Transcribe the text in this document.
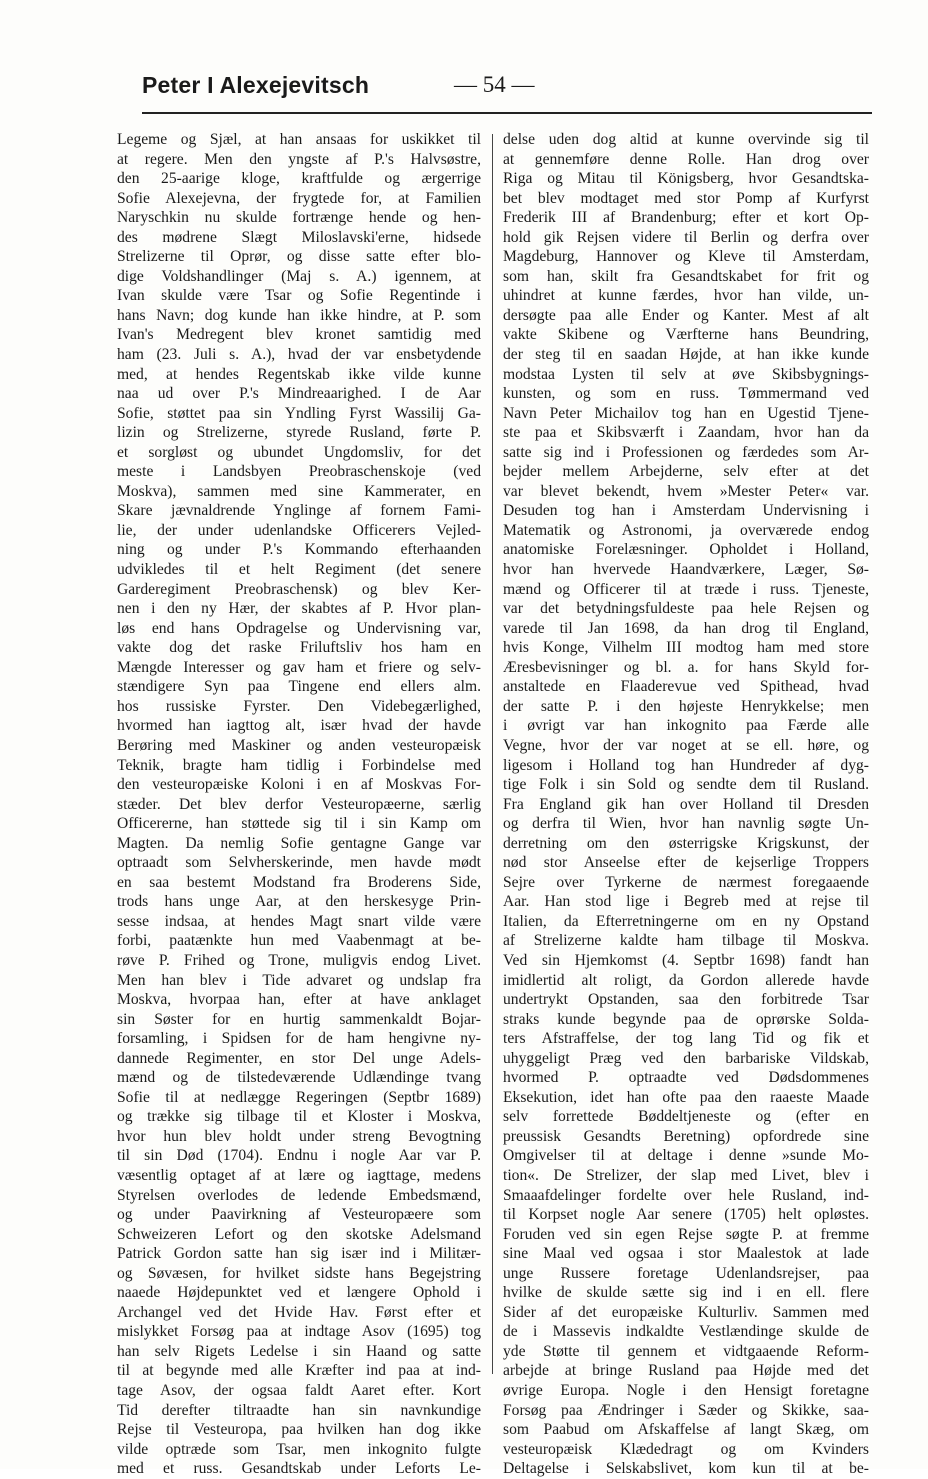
Peter I Alexejevitsch	— 54 —
Legeme og Sjæl, at han ansaas for uskikket til
at regere. Men den yngste af P.'s Halvsøstre,
den 25-aarige kloge, kraftfulde og ærgerrige
Sofie Alexejevna, der frygtede for, at Familien
Naryschkin nu skulde fortrænge hende og hen-
des mødrene Slægt Miloslavski'erne, hidsede
Strelizerne til Oprør, og disse satte efter blo-
dige Voldshandlinger (Maj s. A.) igennem, at
Ivan skulde være Tsar og Sofie Regentinde i
hans Navn; dog kunde han ikke hindre, at P. som
Ivan's Medregent blev kronet samtidig med
ham (23. Juli s. A.), hvad der var ensbetydende
med, at hendes Regentskab ikke vilde kunne
naa ud over P.'s Mindreaarighed. I de Aar
Sofie, støttet paa sin Yndling Fyrst Wassilij Ga-
lizin og Strelizerne, styrede Rusland, førte P.
et sorgløst og ubundet Ungdomsliv, for det
meste i Landsbyen Preobraschenskoje (ved
Moskva), sammen med sine Kammerater, en
Skare jævnaldrende Ynglinge af fornem Fami-
lie, der under udenlandske Officerers Vejled-
ning og under P.'s Kommando efterhaanden
udvikledes til et helt Regiment (det senere
Garderegiment Preobraschensk) og blev Ker-
nen i den ny Hær, der skabtes af P. Hvor plan-
løs end hans Opdragelse og Undervisning var,
vakte dog det raske Friluftsliv hos ham en
Mængde Interesser og gav ham et friere og selv-
stændigere Syn paa Tingene end ellers alm.
hos russiske Fyrster. Den Videbegærlighed,
hvormed han iagttog alt, især hvad der havde
Berøring med Maskiner og anden vesteuropæisk
Teknik, bragte ham tidlig i Forbindelse med
den vesteuropæiske Koloni i en af Moskvas For-
stæder. Det blev derfor Vesteuropæerne, særlig
Officererne, han støttede sig til i sin Kamp om
Magten. Da nemlig Sofie gentagne Gange var
optraadt som Selvherskerinde, men havde mødt
en saa bestemt Modstand fra Broderens Side,
trods hans unge Aar, at den herskesyge Prin-
sesse indsaa, at hendes Magt snart vilde være
forbi, paatænkte hun med Vaabenmagt at be-
røve P. Frihed og Trone, muligvis endog Livet.
Men han blev i Tide advaret og undslap fra
Moskva, hvorpaa han, efter at have anklaget
sin Søster for en hurtig sammenkaldt Bojar-
forsamling, i Spidsen for de ham hengivne ny-
dannede Regimenter, en stor Del unge Adels-
mænd og de tilstedeværende Udlændinge tvang
Sofie til at nedlægge Regeringen (Septbr 1689)
og trække sig tilbage til et Kloster i Moskva,
hvor hun blev holdt under streng Bevogtning
til sin Død (1704). Endnu i nogle Aar var P.
væsentlig optaget af at lære og iagttage, medens
Styrelsen overlodes de ledende Embedsmænd,
og under Paavirkning af Vesteuropæere som
Schweizeren Lefort og den skotske Adelsmand
Patrick Gordon satte han sig især ind i Militær-
og Søvæsen, for hvilket sidste hans Begejstring
naaede Højdepunktet ved et længere Ophold i
Archangel ved det Hvide Hav. Først efter et
mislykket Forsøg paa at indtage Asov (1695) tog
han selv Rigets Ledelse i sin Haand og satte
til at begynde med alle Kræfter ind paa at ind-
tage Asov, der ogsaa faldt Aaret efter. Kort
Tid derefter tiltraadte han sin navnkundige
Rejse til Vesteuropa, paa hvilken han dog ikke
vilde optræde som Tsar, men inkognito fulgte
med et russ. Gesandtskab under Leforts Le-
delse uden dog altid at kunne overvinde sig til
at gennemføre denne Rolle. Han drog over
Riga og Mitau til Königsberg, hvor Gesandtska-
bet blev modtaget med stor Pomp af Kurfyrst
Frederik III af Brandenburg; efter et kort Op-
hold gik Rejsen videre til Berlin og derfra over
Magdeburg, Hannover og Kleve til Amsterdam,
som han, skilt fra Gesandtskabet for frit og
uhindret at kunne færdes, hvor han vilde, un-
dersøgte paa alle Ender og Kanter. Mest af alt
vakte Skibene og Værfterne hans Beundring,
der steg til en saadan Højde, at han ikke kunde
modstaa Lysten til selv at øve Skibsbygnings-
kunsten, og som en russ. Tømmermand ved
Navn Peter Michailov tog han en Ugestid Tjene-
ste paa et Skibsværft i Zaandam, hvor han da
satte sig ind i Professionen og færdedes som Ar-
bejder mellem Arbejderne, selv efter at det
var blevet bekendt, hvem »Mester Peter« var.
Desuden tog han i Amsterdam Undervisning i
Matematik og Astronomi, ja overværede endog
anatomiske Forelæsninger. Opholdet i Holland,
hvor han hvervede Haandværkere, Læger, Sø-
mænd og Officerer til at træde i russ. Tjeneste,
var det betydningsfuldeste paa hele Rejsen og
varede til Jan 1698, da han drog til England,
hvis Konge, Vilhelm III modtog ham med store
Æresbevisninger og bl. a. for hans Skyld for-
anstaltede en Flaaderevue ved Spithead, hvad
der satte P. i den højeste Henrykkelse; men
i øvrigt var han inkognito paa Færde alle
Vegne, hvor der var noget at se ell. høre, og
ligesom i Holland tog han Hundreder af dyg-
tige Folk i sin Sold og sendte dem til Rusland.
Fra England gik han over Holland til Dresden
og derfra til Wien, hvor han navnlig søgte Un-
derretning om den østerrigske Krigskunst, der
nød stor Anseelse efter de kejserlige Troppers
Sejre over Tyrkerne de nærmest foregaaende
Aar. Han stod lige i Begreb med at rejse til
Italien, da Efterretningerne om en ny Opstand
af Strelizerne kaldte ham tilbage til Moskva.
Ved sin Hjemkomst (4. Septbr 1698) fandt han
imidlertid alt roligt, da Gordon allerede havde
undertrykt Opstanden, saa den forbitrede Tsar
straks kunde begynde paa de oprørske Solda-
ters Afstraffelse, der tog lang Tid og fik et
uhyggeligt Præg ved den barbariske Vildskab,
hvormed P. optraadte ved Dødsdommenes
Eksekution, idet han ofte paa den raaeste Maade
selv forrettede Bøddeltjeneste og (efter en
preussisk Gesandts Beretning) opfordrede sine
Omgivelser til at deltage i denne »sunde Mo-
tion«. De Strelizer, der slap med Livet, blev i
Smaaafdelinger fordelte over hele Rusland, ind-
til Korpset nogle Aar senere (1705) helt opløstes.
Foruden ved sin egen Rejse søgte P. at fremme
sine Maal ved ogsaa i stor Maalestok at lade
unge Russere foretage Udenlandsrejser, paa
hvilke de skulde sætte sig ind i en ell. flere
Sider af det europæiske Kulturliv. Sammen med
de i Massevis indkaldte Vestlændinge skulde de
yde Støtte til gennem et vidtgaaende Reform-
arbejde at bringe Rusland paa Højde med det
øvrige Europa. Nogle i den Hensigt foretagne
Forsøg paa Ændringer i Sæder og Skikke, saa-
som Paabud om Afskaffelse af langt Skæg, om
vesteuropæisk Klædedragt og om Kvinders
Deltagelse i Selskabslivet, kom kun til at be-
